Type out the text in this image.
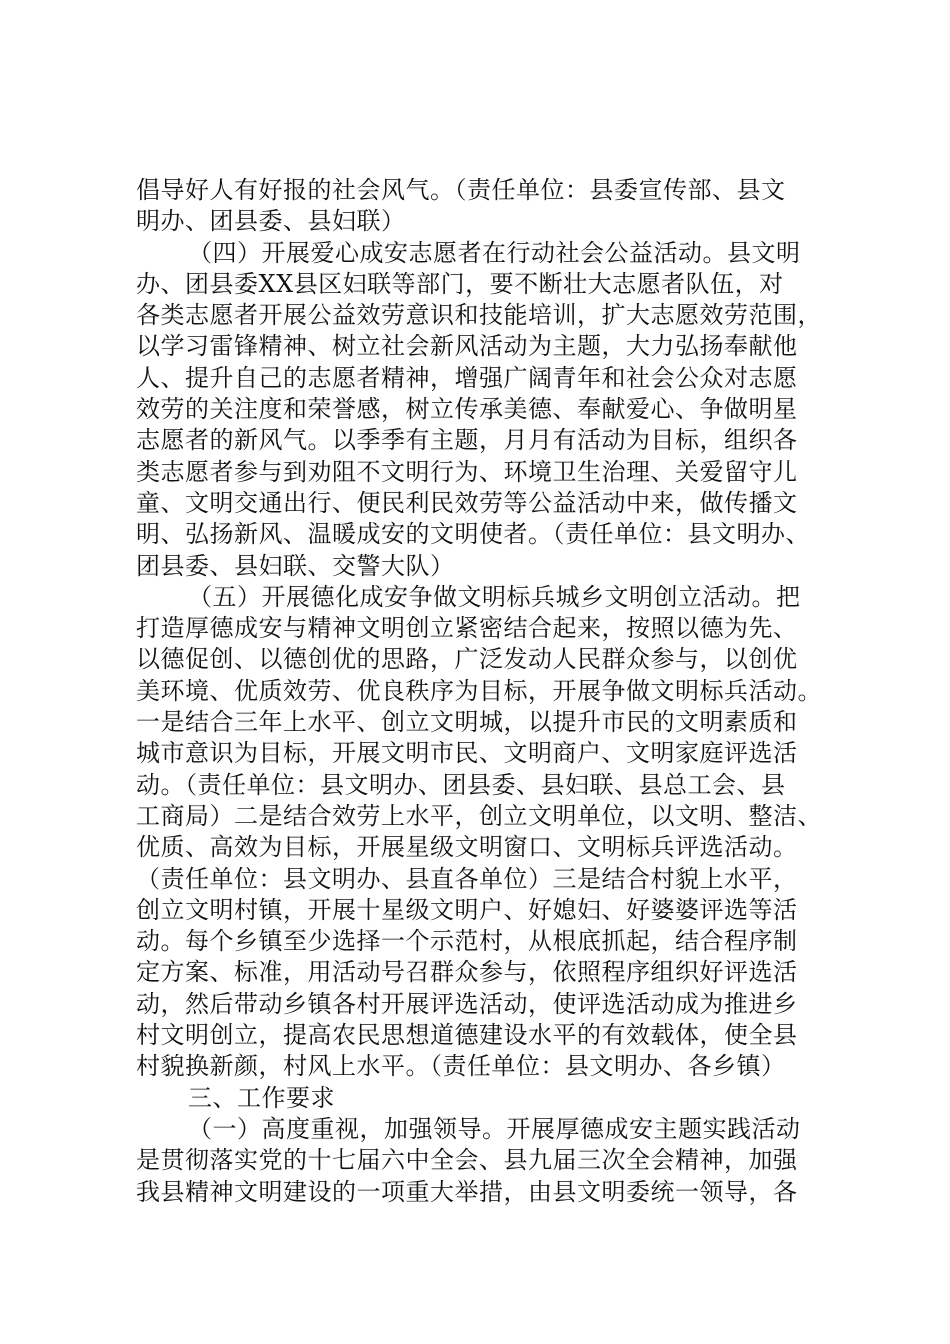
倡导好人有好报的社会风气。（责任单位：县委宣传部、县文
明办、团县委、县妇联）
（四）开展爱心成安志愿者在行动社会公益活动。县文明
办、团县委XX县区妇联等部门，要不断壮大志愿者队伍，对
各类志愿者开展公益效劳意识和技能培训，扩大志愿效劳范围，
以学习雷锋精神、树立社会新风活动为主题，大力弘扬奉献他
人、提升自己的志愿者精神，增强广阔青年和社会公众对志愿
效劳的关注度和荣誉感，树立传承美德、奉献爱心、争做明星
志愿者的新风气。以季季有主题，月月有活动为目标，组织各
类志愿者参与到劝阻不文明行为、环境卫生治理、关爱留守儿
童、文明交通出行、便民利民效劳等公益活动中来，做传播文
明、弘扬新风、温暖成安的文明使者。（责任单位：县文明办、
团县委、县妇联、交警大队）
（五）开展德化成安争做文明标兵城乡文明创立活动。把
打造厚德成安与精神文明创立紧密结合起来，按照以德为先、
以德促创、以德创优的思路，广泛发动人民群众参与，以创优
美环境、优质效劳、优良秩序为目标，开展争做文明标兵活动。
一是结合三年上水平、创立文明城，以提升市民的文明素质和
城市意识为目标，开展文明市民、文明商户、文明家庭评选活
动。（责任单位：县文明办、团县委、县妇联、县总工会、县
工商局）二是结合效劳上水平，创立文明单位，以文明、整洁、
优质、高效为目标，开展星级文明窗口、文明标兵评选活动。
（责任单位：县文明办、县直各单位）三是结合村貌上水平，
创立文明村镇，开展十星级文明户、好媳妇、好婆婆评选等活
动。每个乡镇至少选择一个示范村，从根底抓起，结合程序制
定方案、标准，用活动号召群众参与，依照程序组织好评选活
动，然后带动乡镇各村开展评选活动，使评选活动成为推进乡
村文明创立，提高农民思想道德建设水平的有效载体，使全县
村貌换新颜，村风上水平。（责任单位：县文明办、各乡镇）
三、工作要求
（一）高度重视，加强领导。开展厚德成安主题实践活动
是贯彻落实党的十七届六中全会、县九届三次全会精神，加强
我县精神文明建设的一项重大举措，由县文明委统一领导，各
